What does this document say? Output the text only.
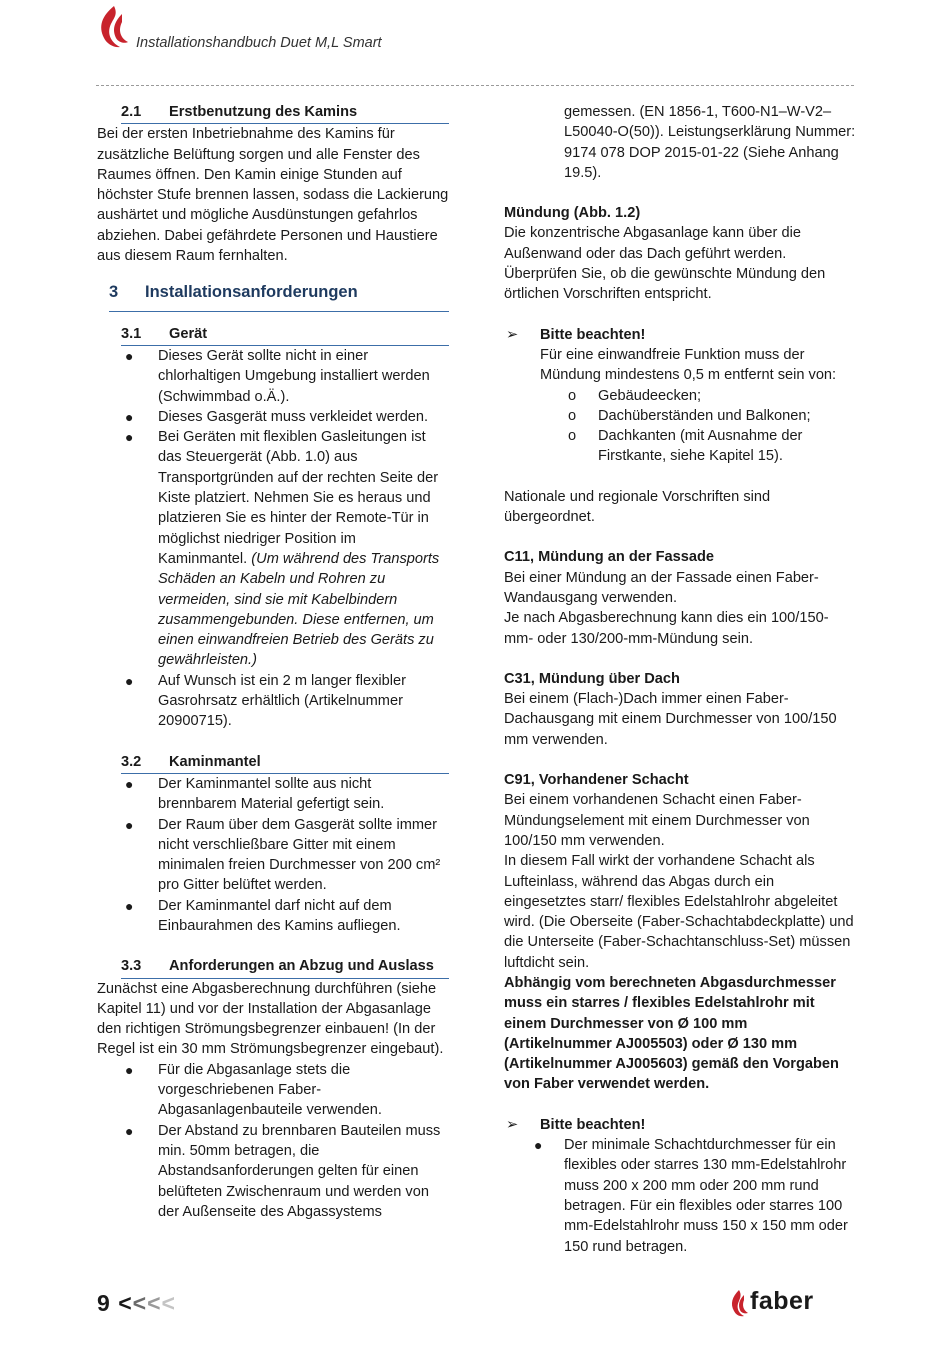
Installationshandbuch Duet M,L Smart
2.1	Erstbenutzung des Kamins

Bei der ersten Inbetriebnahme des Kamins für zusätzliche Belüftung sorgen und alle Fenster des Raumes öffnen. Den Kamin einige Stunden auf höchster Stufe brennen lassen, sodass die Lackierung aushärtet und mögliche Ausdünstungen gefahrlos abziehen. Dabei gefährdete Personen und Haustiere aus diesem Raum fernhalten.

3	Installationsanforderungen
3.1	Gerät
● Dieses Gerät sollte nicht in einer chlorhaltigen Umgebung installiert werden (Schwimmbad o.Ä.).
● Dieses Gasgerät muss verkleidet werden.
● Bei Geräten mit flexiblen Gasleitungen ist das Steuergerät (Abb. 1.0) aus Transportgründen auf der rechten Seite der Kiste platziert. Nehmen Sie es heraus und platzieren Sie es hinter der Remote-Tür in möglichst niedriger Position im Kaminmantel. (Um während des Transports Schäden an Kabeln und Rohren zu vermeiden, sind sie mit Kabelbindern zusammengebunden. Diese entfernen, um einen einwandfreien Betrieb des Geräts zu gewährleisten.)
● Auf Wunsch ist ein 2 m langer flexibler Gasrohrsatz erhältlich (Artikelnummer 20900715).
3.2	Kaminmantel
● Der Kaminmantel sollte aus nicht brennbarem Material gefertigt sein.
● Der Raum über dem Gasgerät sollte immer nicht verschließbare Gitter mit einem minimalen freien Durchmesser von 200 cm² pro Gitter belüftet werden.
● Der Kaminmantel darf nicht auf dem Einbaurahmen des Kamins aufliegen.
3.3	Anforderungen an Abzug und Auslass

Zunächst eine Abgasberechnung durchführen (siehe Kapitel 11) und vor der Installation der Abgasanlage den richtigen Strömungsbegrenzer einbauen! (In der Regel ist ein 30 mm Strömungsbegrenzer eingebaut).

● Für die Abgasanlage stets die vorgeschriebenen Faber-Abgasanlagenbauteile verwenden.
● Der Abstand zu brennbaren Bauteilen muss min. 50mm betragen, die Abstandsanforderungen gelten für einen belüfteten Zwischenraum und werden von der Außenseite des Abgassystems

gemessen. (EN 1856-1, T600-N1–W-V2–L50040-O(50)). Leistungserklärung Nummer: 9174 078 DOP 2015-01-22 (Siehe Anhang 19.5).

Mündung (Abb. 1.2)

Die konzentrische Abgasanlage kann über die Außenwand oder das Dach geführt werden. Überprüfen Sie, ob die gewünschte Mündung den örtlichen Vorschriften entspricht.

➢ Bitte beachten!

Für eine einwandfreie Funktion muss der Mündung mindestens 0,5 m entfernt sein von:

o Gebäudeecken;
o Dachüberständen und Balkonen;
o Dachkanten (mit Ausnahme der Firstkante, siehe Kapitel 15).

Nationale und regionale Vorschriften sind übergeordnet.

C11, Mündung an der Fassade

Bei einer Mündung an der Fassade einen Faber-Wandausgang verwenden.

Je nach Abgasberechnung kann dies ein 100/150-mm- oder 130/200-mm-Mündung sein.

C31, Mündung über Dach

Bei einem (Flach-)Dach immer einen Faber-Dachausgang mit einem Durchmesser von 100/150 mm verwenden.

C91, Vorhandener Schacht

Bei einem vorhandenen Schacht einen Faber-Mündungselement mit einem Durchmesser von 100/150 mm verwenden.

In diesem Fall wirkt der vorhandene Schacht als Lufteinlass, während das Abgas durch ein eingesetztes starr/ flexibles Edelstahlrohr abgeleitet wird. (Die Oberseite (Faber-Schachtabdeckplatte) und die Unterseite (Faber-Schachtanschluss-Set) müssen luftdicht sein.

Abhängig vom berechneten Abgasdurchmesser muss ein starres / flexibles Edelstahlrohr mit einem Durchmesser von Ø 100 mm (Artikelnummer AJ005503) oder Ø 130 mm (Artikelnummer AJ005603) gemäß den Vorgaben von Faber verwendet werden.

➢ Bitte beachten!
● Der minimale Schachtdurchmesser für ein flexibles oder starres 130 mm-Edelstahlrohr muss 200 x 200 mm oder 200 mm rund betragen. Für ein flexibles oder starres 100 mm-Edelstahlrohr muss 150 x 150 mm oder 150 rund betragen.
9 <<<<	faber
